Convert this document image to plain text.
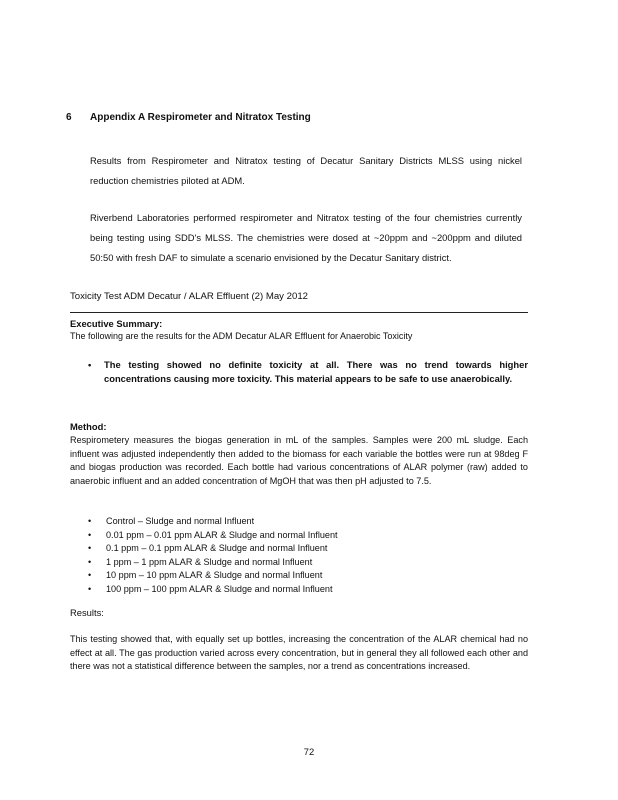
6 Appendix A Respirometer and Nitratox Testing
Results from Respirometer and Nitratox testing of Decatur Sanitary Districts MLSS using nickel reduction chemistries piloted at ADM.
Riverbend Laboratories performed respirometer and Nitratox testing of the four chemistries currently being testing using SDD's MLSS. The chemistries were dosed at ~20ppm and ~200ppm and diluted 50:50 with fresh DAF to simulate a scenario envisioned by the Decatur Sanitary district.
Toxicity Test ADM Decatur / ALAR Effluent (2) May 2012
Executive Summary:
The following are the results for the ADM Decatur ALAR Effluent for Anaerobic Toxicity
•	The testing showed no definite toxicity at all. There was no trend towards higher concentrations causing more toxicity. This material appears to be safe to use anaerobically.
Method:
Respirometery measures the biogas generation in mL of the samples. Samples were 200 mL sludge. Each influent was adjusted independently then added to the biomass for each variable the bottles were run at 98deg F and biogas production was recorded. Each bottle had various concentrations of ALAR polymer (raw) added to anaerobic influent and an added concentration of MgOH that was then pH adjusted to 7.5.
•	Control – Sludge and normal Influent
•	0.01 ppm – 0.01 ppm ALAR & Sludge and normal Influent
•	0.1 ppm – 0.1 ppm ALAR & Sludge and normal Influent
•	1 ppm – 1 ppm ALAR & Sludge and normal Influent
•	10 ppm – 10 ppm ALAR & Sludge and normal Influent
•	100 ppm – 100 ppm ALAR & Sludge and normal Influent
Results:
This testing showed that, with equally set up bottles, increasing the concentration of the ALAR chemical had no effect at all. The gas production varied across every concentration, but in general they all followed each other and there was not a statistical difference between the samples, nor a trend as concentrations increased.
72
